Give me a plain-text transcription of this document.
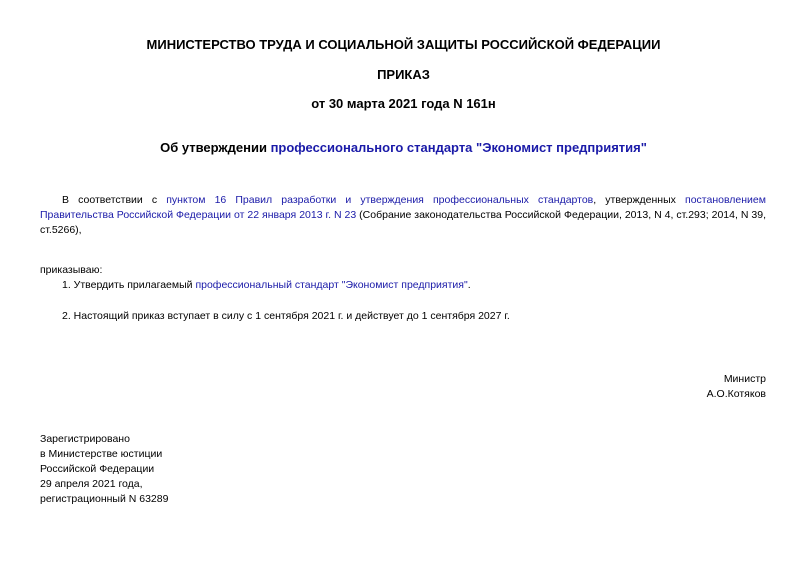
МИНИСТЕРСТВО ТРУДА И СОЦИАЛЬНОЙ ЗАЩИТЫ РОССИЙСКОЙ ФЕДЕРАЦИИ
ПРИКАЗ
от 30 марта 2021 года N 161н
Об утверждении профессионального стандарта "Экономист предприятия"

В соответствии с пунктом 16 Правил разработки и утверждения профессиональных стандартов, утвержденных постановлением Правительства Российской Федерации от 22 января 2013 г. N 23 (Собрание законодательства Российской Федерации, 2013, N 4, ст.293; 2014, N 39, ст.5266),

приказываю:

1. Утвердить прилагаемый профессиональный стандарт "Экономист предприятия".

2. Настоящий приказ вступает в силу с 1 сентября 2021 г. и действует до 1 сентября 2027 г.

Министр

А.О.Котяков

Зарегистрировано
в Министерстве юстиции
Российской Федерации
29 апреля 2021 года,
регистрационный N 63289
